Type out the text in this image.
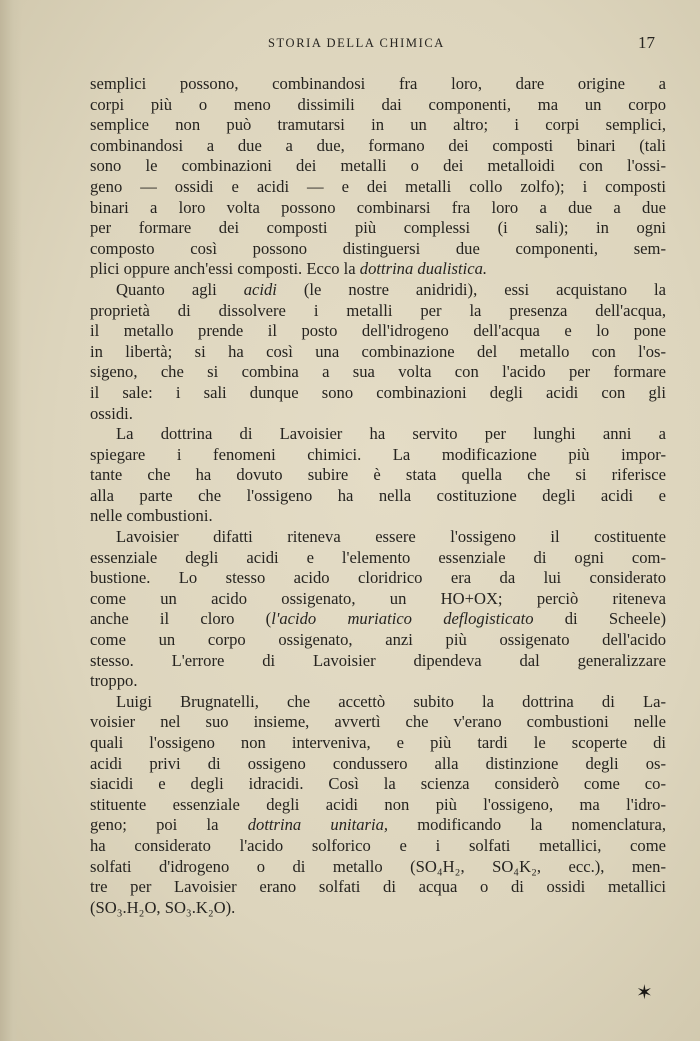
STORIA DELLA CHIMICA	17
semplici possono, combinandosi fra loro, dare origine a
corpi più o meno dissimili dai componenti, ma un corpo
semplice non può tramutarsi in un altro; i corpi semplici,
combinandosi a due a due, formano dei composti binari (tali
sono le combinazioni dei metalli o dei metalloidi con l'ossi-
geno — ossidi e acidi — e dei metalli collo zolfo); i composti
binari a loro volta possono combinarsi fra loro a due a due
per formare dei composti più complessi (i sali); in ogni
composto così possono distinguersi due componenti, sem-
plici oppure anch'essi composti. Ecco la dottrina dualistica.
Quanto agli acidi (le nostre anidridi), essi acquistano la
proprietà di dissolvere i metalli per la presenza dell'acqua,
il metallo prende il posto dell'idrogeno dell'acqua e lo pone
in libertà; si ha così una combinazione del metallo con l'os-
sigeno, che si combina a sua volta con l'acido per formare
il sale: i sali dunque sono combinazioni degli acidi con gli
ossidi.
La dottrina di Lavoisier ha servito per lunghi anni a
spiegare i fenomeni chimici. La modificazione più impor-
tante che ha dovuto subire è stata quella che si riferisce
alla parte che l'ossigeno ha nella costituzione degli acidi e
nelle combustioni.
Lavoisier difatti riteneva essere l'ossigeno il costituente
essenziale degli acidi e l'elemento essenziale di ogni com-
bustione. Lo stesso acido cloridrico era da lui considerato
come un acido ossigenato, un HO+OX; perciò riteneva
anche il cloro (l'acido muriatico deflogisticato di Scheele)
come un corpo ossigenato, anzi più ossigenato dell'acido
stesso. L'errore di Lavoisier dipendeva dal generalizzare
troppo.
Luigi Brugnatelli, che accettò subito la dottrina di La-
voisier nel suo insieme, avvertì che v'erano combustioni nelle
quali l'ossigeno non interveniva, e più tardi le scoperte di
acidi privi di ossigeno condussero alla distinzione degli os-
siacidi e degli idracidi. Così la scienza considerò come co-
stituente essenziale degli acidi non più l'ossigeno, ma l'idro-
geno; poi la dottrina unitaria, modificando la nomenclatura,
ha considerato l'acido solforico e i solfati metallici, come
solfati d'idrogeno o di metallo (SO₄H₂, SO₄K₂, ecc.), men-
tre per Lavoisier erano solfati di acqua o di ossidi metallici
(SO₃.H₂O, SO₃.K₂O).
✶
